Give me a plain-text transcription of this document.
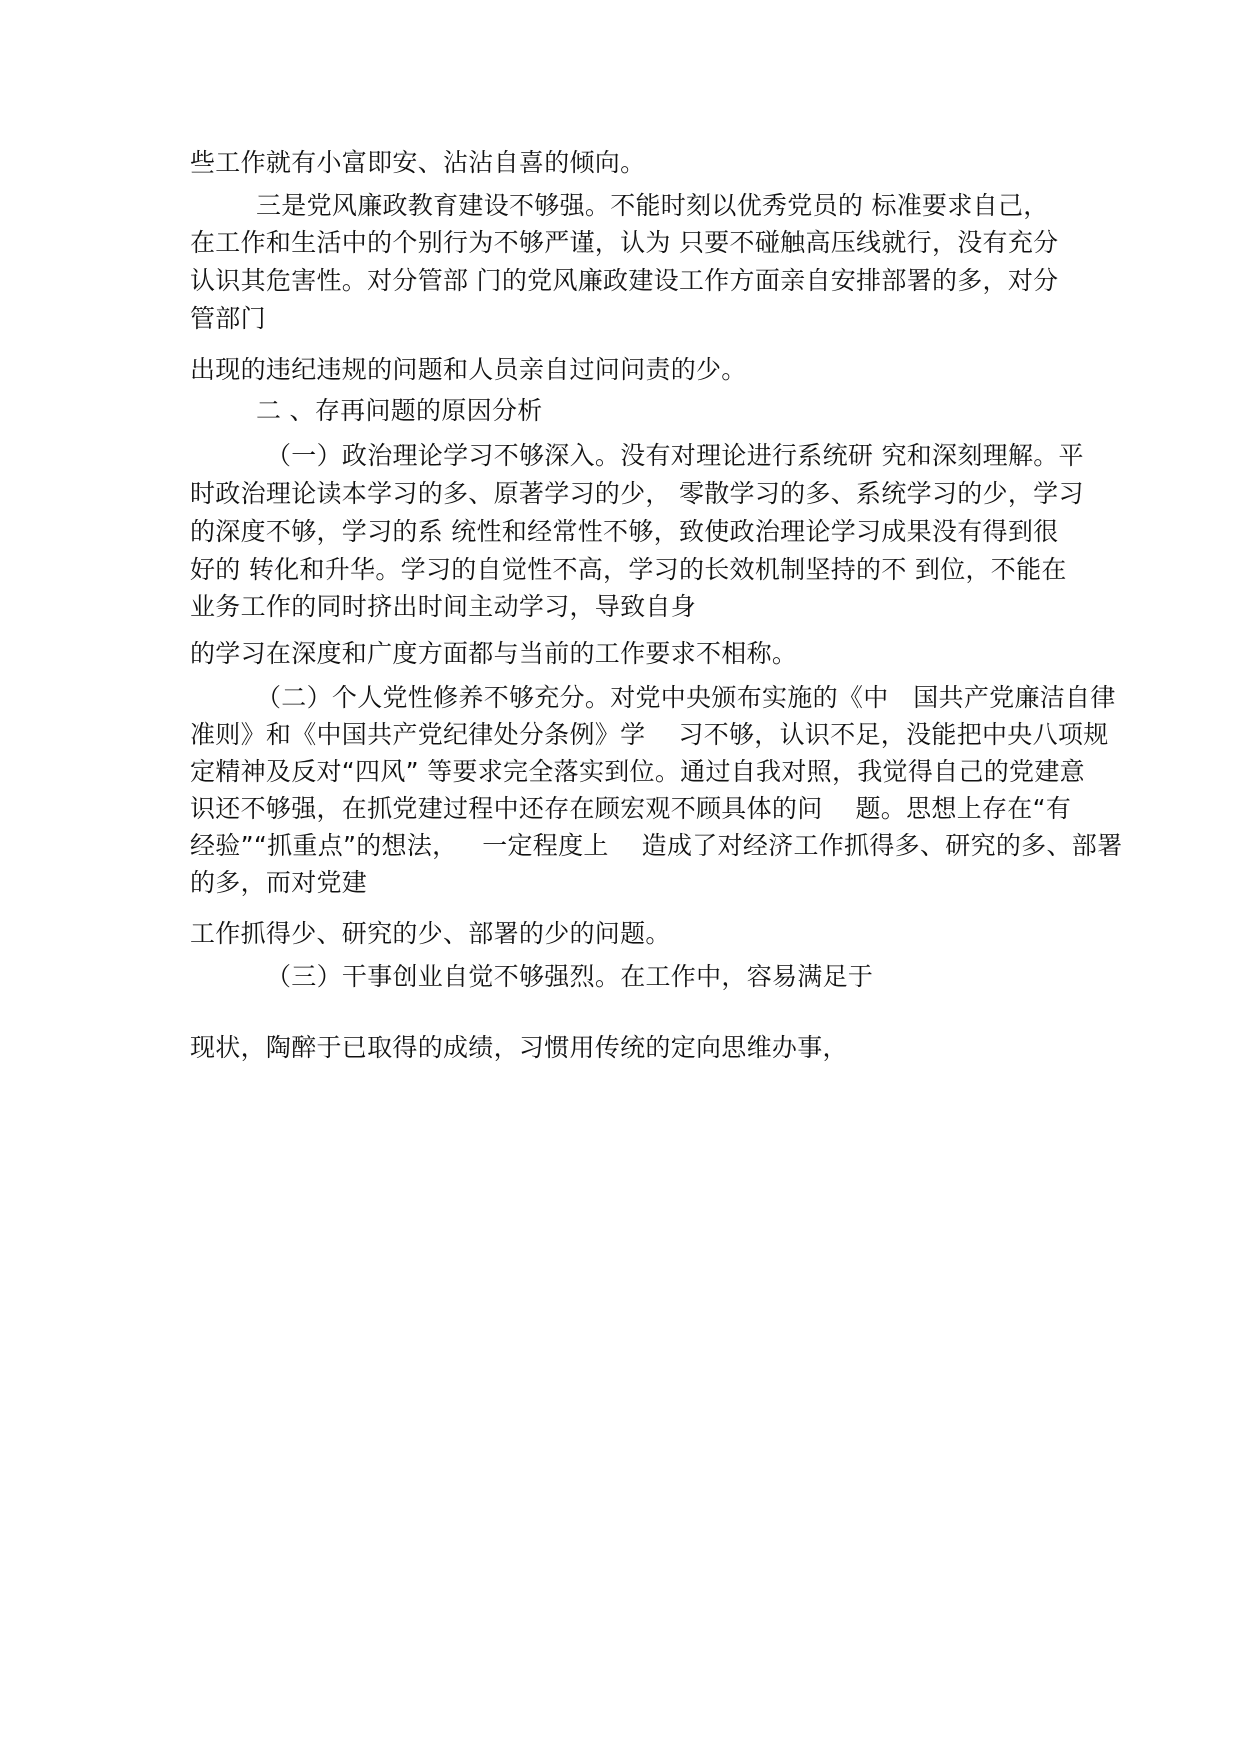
些工作就有小富即安、沾沾自喜的倾向。
三是党风廉政教育建设不够强。不能时刻以优秀党员的 标准要求自己，
在工作和生活中的个别行为不够严谨，认为 只要不碰触高压线就行，没有充分
认识其危害性。对分管部 门的党风廉政建设工作方面亲自安排部署的多，对分
管部门
出现的违纪违规的问题和人员亲自过问问责的少。
二 、存再问题的原因分析
（一）政治理论学习不够深入。没有对理论进行系统研 究和深刻理解。平
时政治理论读本学习的多、原著学习的少， 零散学习的多、系统学习的少，学习
的深度不够，学习的系 统性和经常性不够，致使政治理论学习成果没有得到很
好的 转化和升华。学习的自觉性不高，学习的长效机制坚持的不 到位，不能在
业务工作的同时挤出时间主动学习，导致自身
的学习在深度和广度方面都与当前的工作要求不相称。
（二）个人党性修养不够充分。对党中央颁布实施的《中   国共产党廉洁自律
准则》和《中国共产党纪律处分条例》学    习不够，认识不足，没能把中央八项规
定精神及反对“四风” 等要求完全落实到位。通过自我对照，我觉得自己的党建意
识还不够强，在抓党建过程中还存在顾宏观不顾具体的问    题。思想上存在“有
经验”“抓重点”的想法，   一定程度上    造成了对经济工作抓得多、研究的多、部署
的多，而对党建
工作抓得少、研究的少、部署的少的问题。
（三）干事创业自觉不够强烈。在工作中，容易满足于
现状，陶醉于已取得的成绩，习惯用传统的定向思维办事，
